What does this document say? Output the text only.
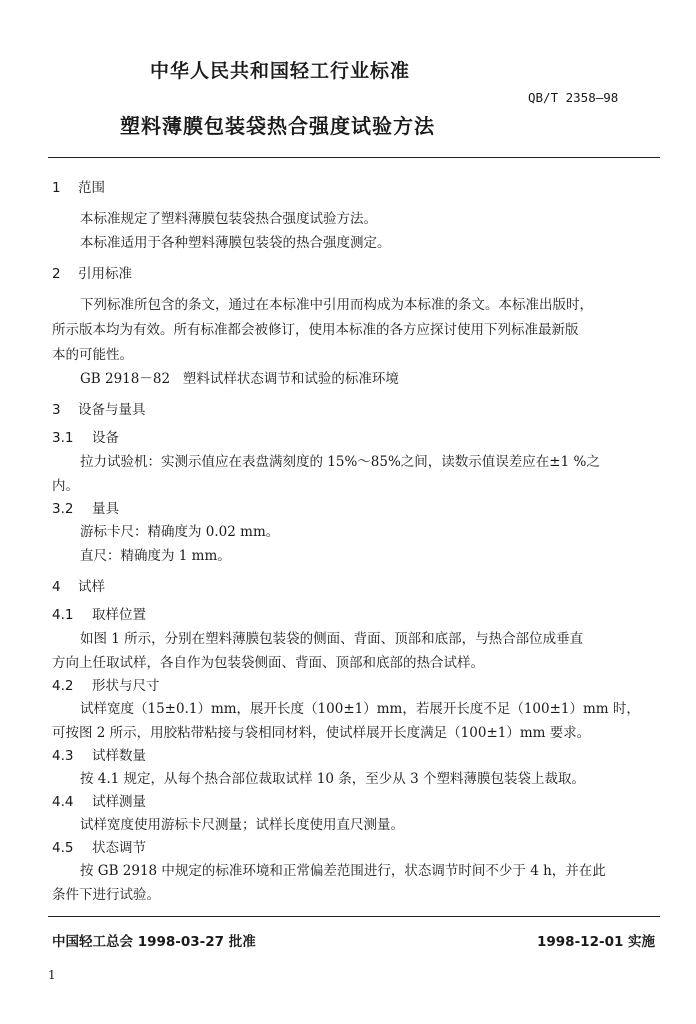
中华人民共和国轻工行业标准
QB/T 2358—98
塑料薄膜包装袋热合强度试验方法
1 范围
本标准规定了塑料薄膜包装袋热合强度试验方法。
本标准适用于各种塑料薄膜包装袋的热合强度测定。
2 引用标准
下列标准所包含的条文，通过在本标准中引用而构成为本标准的条文。本标准出版时，
所示版本均为有效。所有标准都会被修订，使用本标准的各方应探讨使用下列标准最新版
本的可能性。
GB 2918－82   塑料试样状态调节和试验的标准环境
3 设备与量具
3.1 设备
拉力试验机：实测示值应在表盘满刻度的 15%～85%之间，读数示值误差应在±1 %之
内。
3.2 量具
游标卡尺：精确度为 0.02 mm。
直尺：精确度为 1 mm。
4 试样
4.1 取样位置
如图 1 所示，分别在塑料薄膜包装袋的侧面、背面、顶部和底部，与热合部位成垂直
方向上任取试样，各自作为包装袋侧面、背面、顶部和底部的热合试样。
4.2 形状与尺寸
试样宽度（15±0.1）mm，展开长度（100±1）mm，若展开长度不足（100±1）mm 时，
可按图 2 所示，用胶粘带粘接与袋相同材料，使试样展开长度满足（100±1）mm 要求。
4.3 试样数量
按 4.1 规定，从每个热合部位裁取试样 10 条，至少从 3 个塑料薄膜包装袋上裁取。
4.4 试样测量
试样宽度使用游标卡尺测量；试样长度使用直尺测量。
4.5 状态调节
按 GB 2918 中规定的标准环境和正常偏差范围进行，状态调节时间不少于 4 h，并在此
条件下进行试验。
中国轻工总会 1998-03-27 批准	1998-12-01 实施
1
